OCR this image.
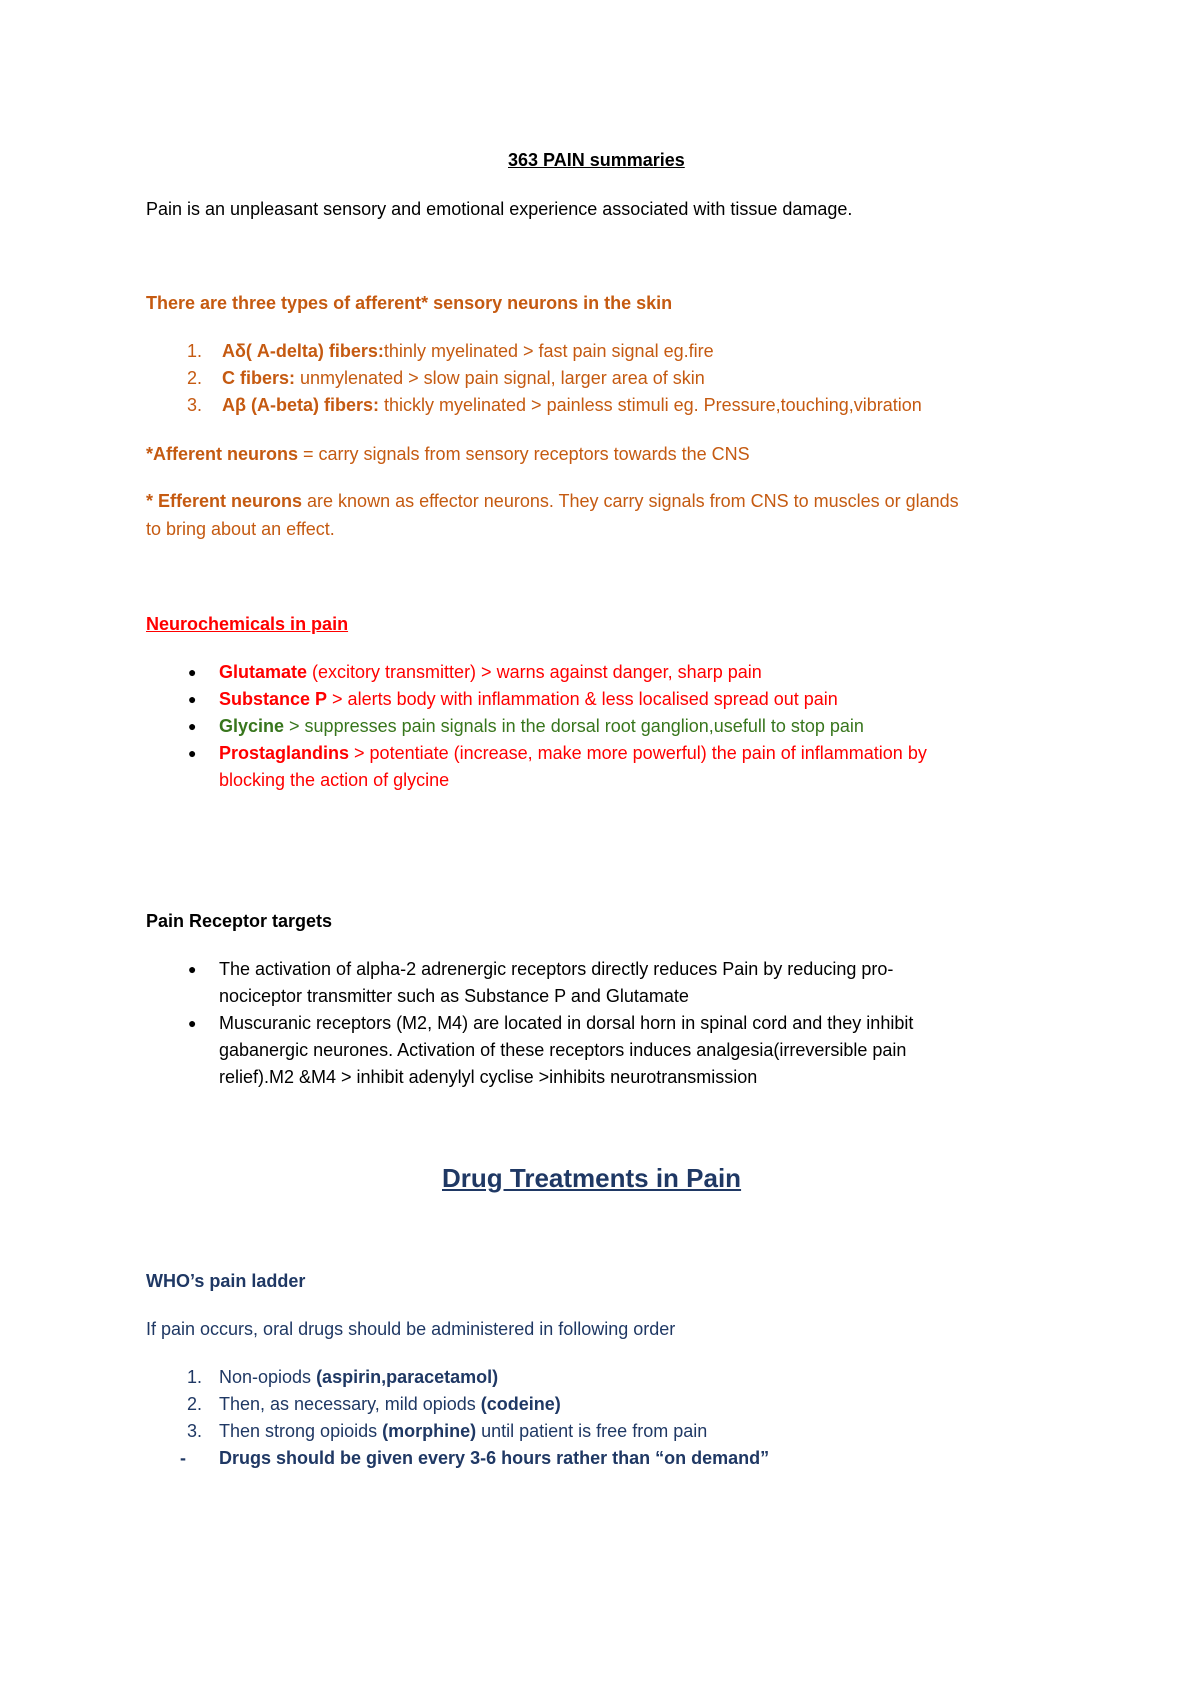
363 PAIN summaries
Pain is an unpleasant sensory and emotional experience associated with tissue damage.
There are three types of afferent* sensory neurons in the skin
1. Aδ( A-delta) fibers:thinly myelinated > fast pain signal eg.fire
2. C fibers: unmylenated > slow pain signal, larger area of skin
3. Aβ (A-beta) fibers: thickly myelinated > painless stimuli eg. Pressure,touching,vibration
*Afferent neurons = carry signals from sensory receptors towards the CNS
* Efferent neurons are known as effector neurons. They carry signals from CNS to muscles or glands
to bring about an effect.
Neurochemicals in pain
● Glutamate (excitory transmitter) > warns against danger, sharp pain
● Substance P > alerts body with inflammation & less localised spread out pain
● Glycine > suppresses pain signals in the dorsal root ganglion,usefull to stop pain
● Prostaglandins > potentiate (increase, make more powerful) the pain of inflammation by
blocking the action of glycine
Pain Receptor targets
● The activation of alpha-2 adrenergic receptors directly reduces Pain by reducing pro-
nociceptor transmitter such as Substance P and Glutamate
● Muscuranic receptors (M2, M4) are located in dorsal horn in spinal cord and they inhibit
gabanergic neurones. Activation of these receptors induces analgesia(irreversible pain
relief).M2 &M4 > inhibit adenylyl cyclise >inhibits neurotransmission
Drug Treatments in Pain
WHO’s pain ladder
If pain occurs, oral drugs should be administered in following order
1. Non-opiods (aspirin,paracetamol)
2. Then, as necessary, mild opiods (codeine)
3. Then strong opioids (morphine) until patient is free from pain
- Drugs should be given every 3-6 hours rather than “on demand”
